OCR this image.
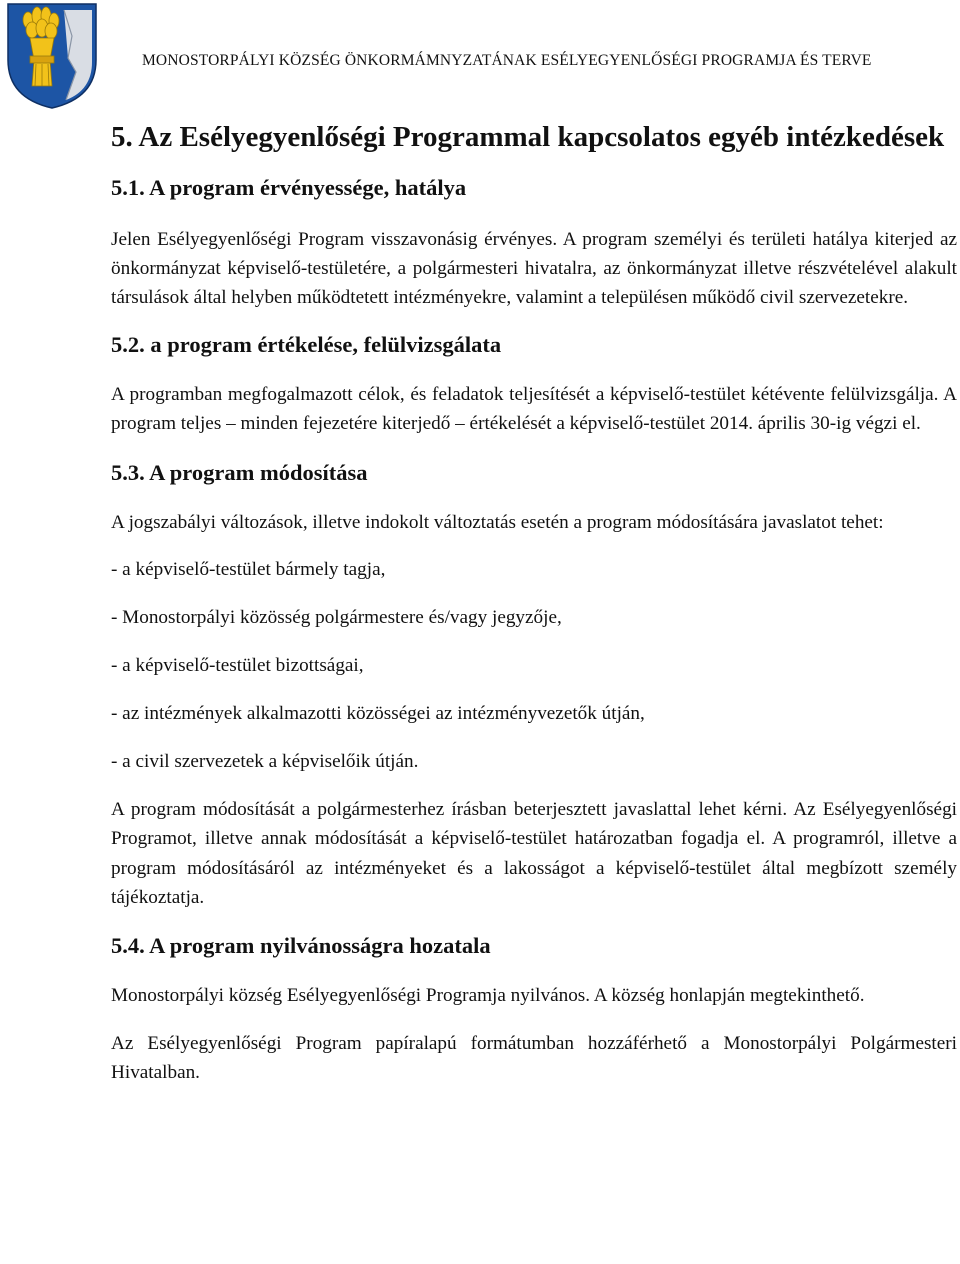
MONOSTORPÁLYI KÖZSÉG ÖNKORMÁMNYZATÁNAK ESÉLYEGYENLŐSÉGI PROGRAMJA ÉS TERVE
5. Az Esélyegyenlőségi Programmal kapcsolatos egyéb intézkedések
5.1. A program érvényessége, hatálya

Jelen Esélyegyenlőségi Program visszavonásig érvényes. A program személyi és területi hatálya kiterjed az önkormányzat képviselő-testületére, a polgármesteri hivatalra, az önkormányzat illetve részvételével alakult társulások által helyben működtetett intézményekre, valamint a településen működő civil szervezetekre.

5.2. a program értékelése, felülvizsgálata

A programban megfogalmazott célok, és feladatok teljesítését a képviselő-testület kétévente felülvizsgálja. A program teljes – minden fejezetére kiterjedő – értékelését a képviselő-testület 2014. április 30-ig végzi el.

5.3. A program módosítása

A jogszabályi változások, illetve indokolt változtatás esetén a program módosítására javaslatot tehet:

- a képviselő-testület bármely tagja,
- Monostorpályi közösség polgármestere és/vagy jegyzője,
- a képviselő-testület bizottságai,
- az intézmények alkalmazotti közösségei az intézményvezetők útján,
- a civil szervezetek a képviselőik útján.

A program módosítását a polgármesterhez írásban beterjesztett javaslattal lehet kérni. Az Esélyegyenlőségi Programot, illetve annak módosítását a képviselő-testület határozatban fogadja el. A programról, illetve a program módosításáról az intézményeket és a lakosságot a képviselő-testület által megbízott személy tájékoztatja.

5.4. A program nyilvánosságra hozatala

Monostorpályi község Esélyegyenlőségi Programja nyilvános. A község honlapján megtekinthető.

Az Esélyegyenlőségi Program papíralapú formátumban hozzáférhető a Monostorpályi Polgármesteri Hivatalban.
